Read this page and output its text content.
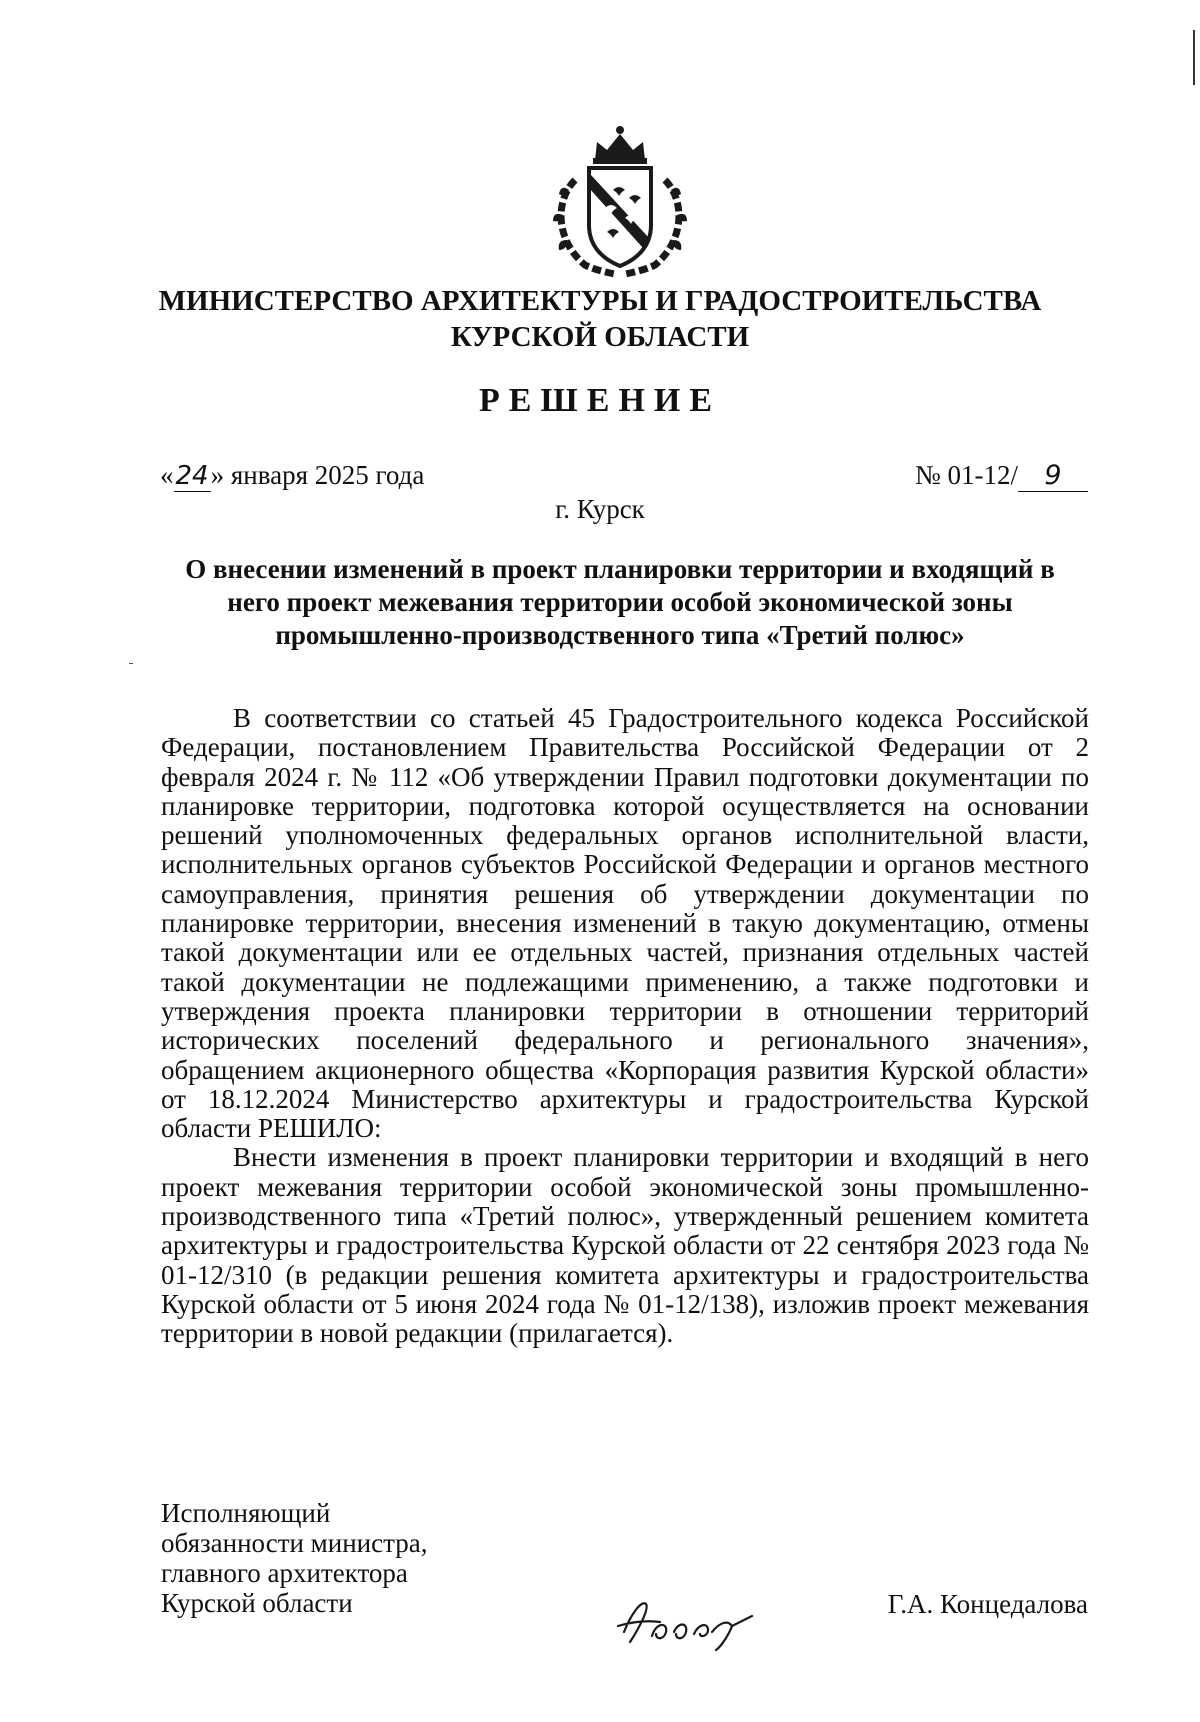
МИНИСТЕРСТВО АРХИТЕКТУРЫ И ГРАДОСТРОИТЕЛЬСТВА
КУРСКОЙ ОБЛАСТИ
РЕШЕНИЕ
«24» января 2025 года	№ 01-12/ 9
г. Курск
О внесении изменений в проект планировки территории и входящий в
него проект межевания территории особой экономической зоны
промышленно-производственного типа «Третий полюс»

В соответствии со статьей 45 Градостроительного кодекса Российской Федерации, постановлением Правительства Российской Федерации от 2 февраля 2024 г. № 112 «Об утверждении Правил подготовки документации по планировке территории, подготовка которой осуществляется на основании решений уполномоченных федеральных органов исполнительной власти, исполнительных органов субъектов Российской Федерации и органов местного самоуправления, принятия решения об утверждении документации по планировке территории, внесения изменений в такую документацию, отмены такой документации или ее отдельных частей, признания отдельных частей такой документации не подлежащими применению, а также подготовки и утверждения проекта планировки территории в отношении территорий исторических поселений федерального и регионального значения», обращением акционерного общества «Корпорация развития Курской области» от 18.12.2024 Министерство архитектуры и градостроительства Курской области РЕШИЛО:

Внести изменения в проект планировки территории и входящий в него проект межевания территории особой экономической зоны промышленно-производственного типа «Третий полюс», утвержденный решением комитета архитектуры и градостроительства Курской области от 22 сентября 2023 года № 01-12/310 (в редакции решения комитета архитектуры и градостроительства Курской области от 5 июня 2024 года № 01-12/138), изложив проект межевания территории в новой редакции (прилагается).

Исполняющий
обязанности министра,
главного архитектора
Курской области	Г.А. Концедалова
